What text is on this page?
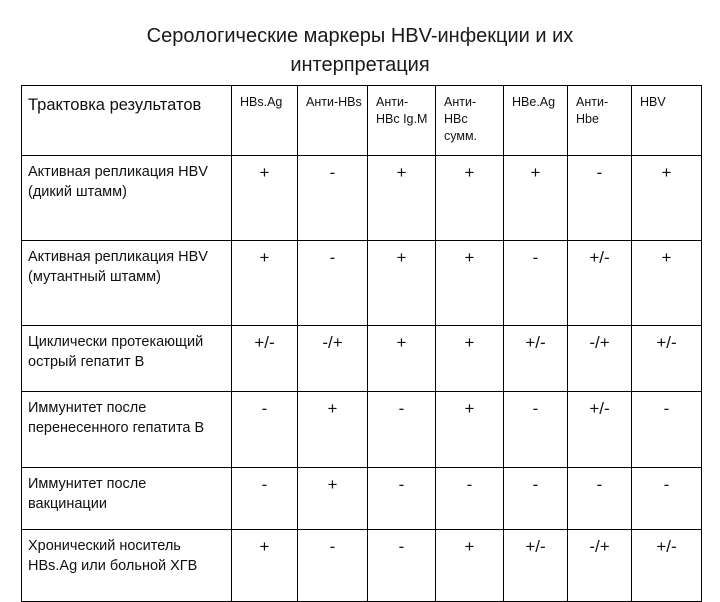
Серологические маркеры HBV-инфекции и их
интерпретация
Трактовка результатов	HBs.Ag	Анти-HBs	Анти-HBc Ig.M	Анти-HBc сумм.	HBe.Ag	Анти-Hbe	HBV
Активная репликация HBV (дикий штамм)	+	-	+	+	+	-	+
Активная репликация HBV (мутантный штамм)	+	-	+	+	-	+/-	+
Циклически протекающий острый гепатит В	+/-	-/+	+	+	+/-	-/+	+/-
Иммунитет после перенесенного гепатита В	-	+	-	+	-	+/-	-
Иммунитет после вакцинации	-	+	-	-	-	-	-
Хронический носитель HBs.Ag или больной ХГВ	+	-	-	+	+/-	-/+	+/-
